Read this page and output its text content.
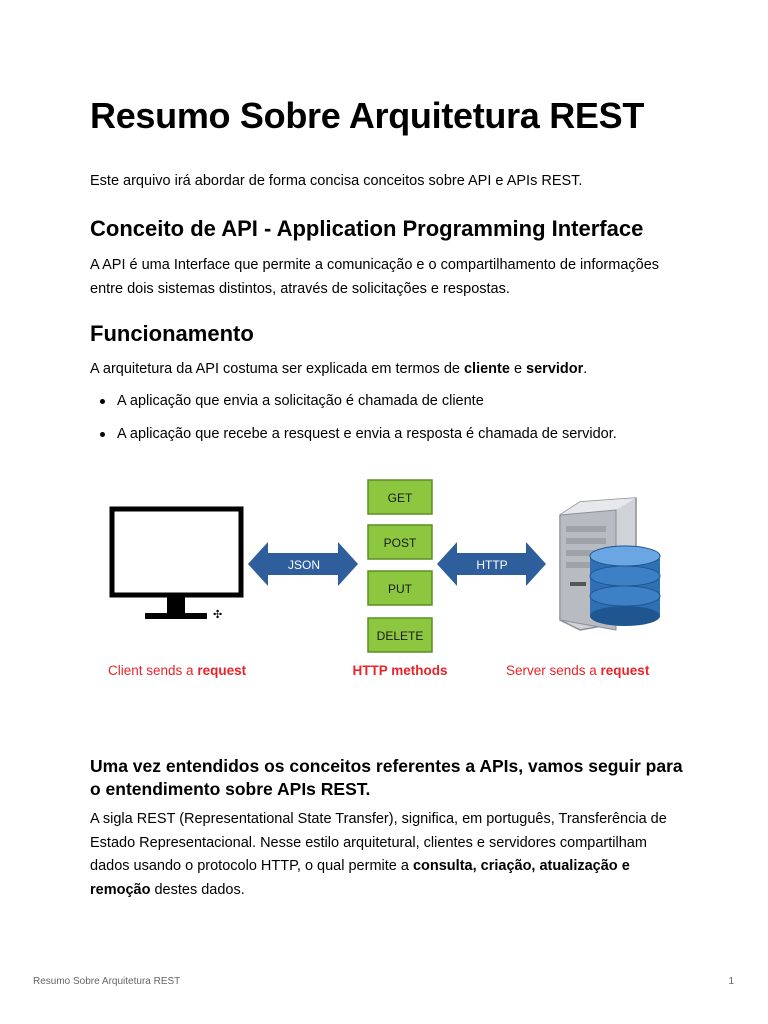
Resumo Sobre Arquitetura REST

Este arquivo irá abordar de forma concisa conceitos sobre API e APIs REST.

Conceito de API - Application Programming Interface

A API é uma Interface que permite a comunicação e o compartilhamento de informações entre dois sistemas distintos, através de solicitações e respostas.

Funcionamento

A arquitetura da API costuma ser explicada em termos de cliente e servidor.

A aplicação que envia a solicitação é chamada de cliente
A aplicação que recebe a resquest e envia a resposta é chamada de servidor.
✣
JSON
GET
POST
PUT
DELETE
HTTP
Client sends a request	HTTP methods	Server sends a request
Uma vez entendidos os conceitos referentes a APIs, vamos seguir para o entendimento sobre APIs REST.

A sigla REST (Representational State Transfer), significa, em português, Transferência de Estado Representacional. Nesse estilo arquitetural, clientes e servidores compartilham dados usando o protocolo HTTP, o qual permite a consulta, criação, atualização e remoção destes dados.

Resumo Sobre Arquitetura REST	1
